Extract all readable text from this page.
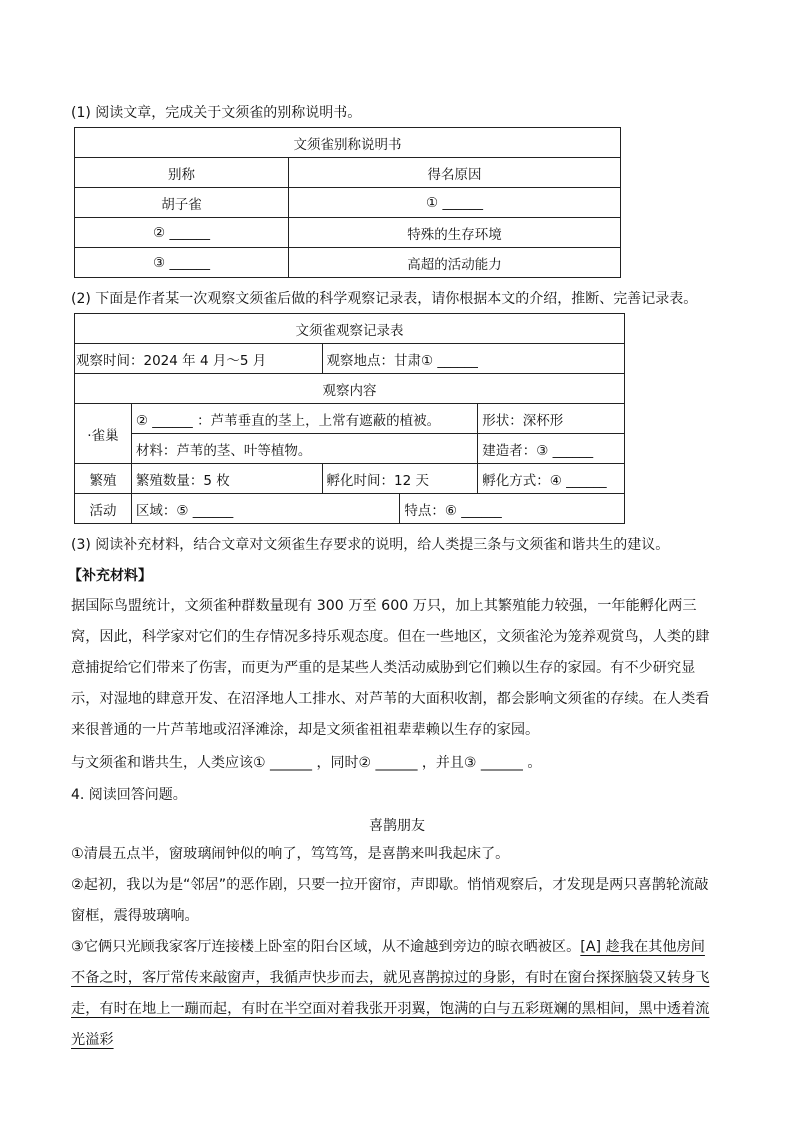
(1) 阅读文章，完成关于文须雀的别称说明书。
文须雀别称说明书	
别称	得名原因
胡子雀	① ______
② ______	特殊的生存环境
③ ______	高超的活动能力
(2) 下面是作者某一次观察文须雀后做的科学观察记录表，请你根据本文的介绍，推断、完善记录表。
文须雀观察记录表				
观察时间：2024 年 4 月～5 月		观察地点：甘肃① ______		
观察内容				
·雀巢	② ______ ：芦苇垂直的茎上，上常有遮蔽的植被。			形状：深杯形
	材料：芦苇的茎、叶等植物。			建造者：③ ______
繁殖	繁殖数量：5 枚	孵化时间：12 天		孵化方式：④ ______
活动	区域：⑤ ______		特点：⑥ ______	
(3) 阅读补充材料，结合文章对文须雀生存要求的说明，给人类提三条与文须雀和谐共生的建议。
【补充材料】

据国际鸟盟统计，文须雀种群数量现有 300 万至 600 万只，加上其繁殖能力较强，一年能孵化两三窝，因此，科学家对它们的生存情况多持乐观态度。但在一些地区，文须雀沦为笼养观赏鸟，人类的肆意捕捉给它们带来了伤害，而更为严重的是某些人类活动威胁到它们赖以生存的家园。有不少研究显示，对湿地的肆意开发、在沼泽地人工排水、对芦苇的大面积收割，都会影响文须雀的存续。在人类看来很普通的一片芦苇地或沼泽滩涂，却是文须雀祖祖辈辈赖以生存的家园。

与文须雀和谐共生，人类应该① ______ ，同时② ______ ，并且③ ______ 。
4. 阅读回答问题。
喜鹊朋友

①清晨五点半，窗玻璃闹钟似的响了，笃笃笃，是喜鹊来叫我起床了。

②起初，我以为是“邻居”的恶作剧，只要一拉开窗帘，声即歇。悄悄观察后，才发现是两只喜鹊轮流敲窗框，震得玻璃响。

③它俩只光顾我家客厅连接楼上卧室的阳台区域，从不逾越到旁边的晾衣晒被区。[A] 趁我在其他房间不备之时，客厅常传来敲窗声，我循声快步而去，就见喜鹊掠过的身影，有时在窗台探探脑袋又转身飞走，有时在地上一蹦而起，有时在半空面对着我张开羽翼，饱满的白与五彩斑斓的黑相间，黑中透着流光溢彩
